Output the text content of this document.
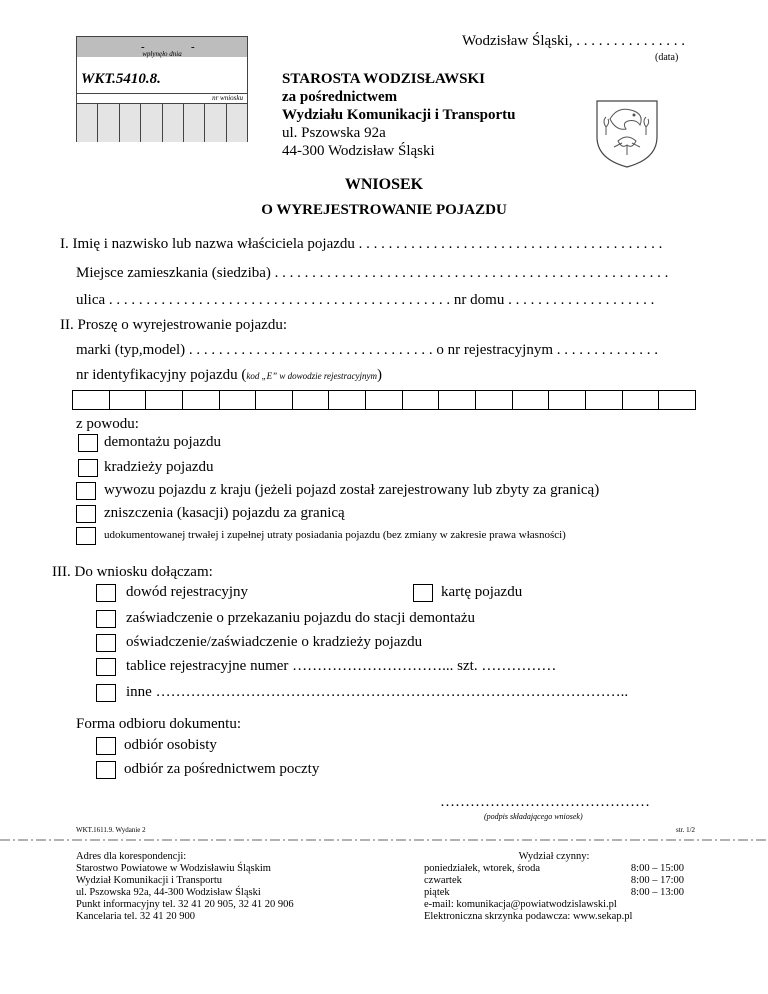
Wodzisław Śląski, . . . . . . . . . . . . . . .
(data)
-	-
wpłynęło dnia
WKT.5410.8.
nr wniosku
STAROSTA WODZISŁAWSKI
za pośrednictwem
Wydziału Komunikacji i Transportu
ul. Pszowska 92a
44-300 Wodzisław Śląski
WNIOSEK
O WYREJESTROWANIE POJAZDU
I. Imię i nazwisko lub nazwa właściciela pojazdu . . . . . . . . . . . . . . . . . . . . . . . . . . . . . . . . . . . . . . . . .
Miejsce zamieszkania (siedziba) . . . . . . . . . . . . . . . . . . . . . . . . . . . . . . . . . . . . . . . . . . . . . . . . . . . . .
ulica . . . . . . . . . . . . . . . . . . . . . . . . . . . . . . . . . . . . . . . . . . . . . . nr domu . . . . . . . . . . . . . . . . . . . .
II. Proszę o wyrejestrowanie pojazdu:
marki (typ,model) . . . . . . . . . . . . . . . . . . . . . . . . . . . . . . . . . o nr rejestracyjnym . . . . . . . . . . . . . .
nr identyfikacyjny pojazdu (kod „E” w dowodzie rejestracyjnym)
z powodu:
demontażu pojazdu
kradzieży pojazdu
wywozu pojazdu z kraju (jeżeli pojazd został zarejestrowany lub zbyty za granicą)
zniszczenia (kasacji) pojazdu za granicą
udokumentowanej trwałej i zupełnej utraty posiadania pojazdu (bez zmiany w zakresie prawa własności)
III. Do wniosku dołączam:
dowód rejestracyjny	kartę pojazdu
zaświadczenie o przekazaniu pojazdu do stacji demontażu
oświadczenie/zaświadczenie o kradzieży pojazdu
tablice rejestracyjne numer …………………………... szt. ……………
inne …………………………………………………………………………………..
Forma odbioru dokumentu:
odbiór osobisty
odbiór za pośrednictwem poczty
……………………………………
(podpis składającego wniosek)
WKT.1611.9. Wydanie 2	str. 1/2
Adres dla korespondencji:
Starostwo Powiatowe w Wodzisławiu Śląskim
Wydział Komunikacji i Transportu
ul. Pszowska 92a, 44-300 Wodzisław Śląski
Punkt informacyjny tel. 32 41 20 905, 32 41 20 906
Kancelaria tel. 32 41 20 900
Wydział czynny:
poniedziałek, wtorek, środa	8:00 – 15:00
czwartek	8:00 – 17:00
piątek	8:00 – 13:00
e-mail: komunikacja@powiatwodzislawski.pl
Elektroniczna skrzynka podawcza: www.sekap.pl
